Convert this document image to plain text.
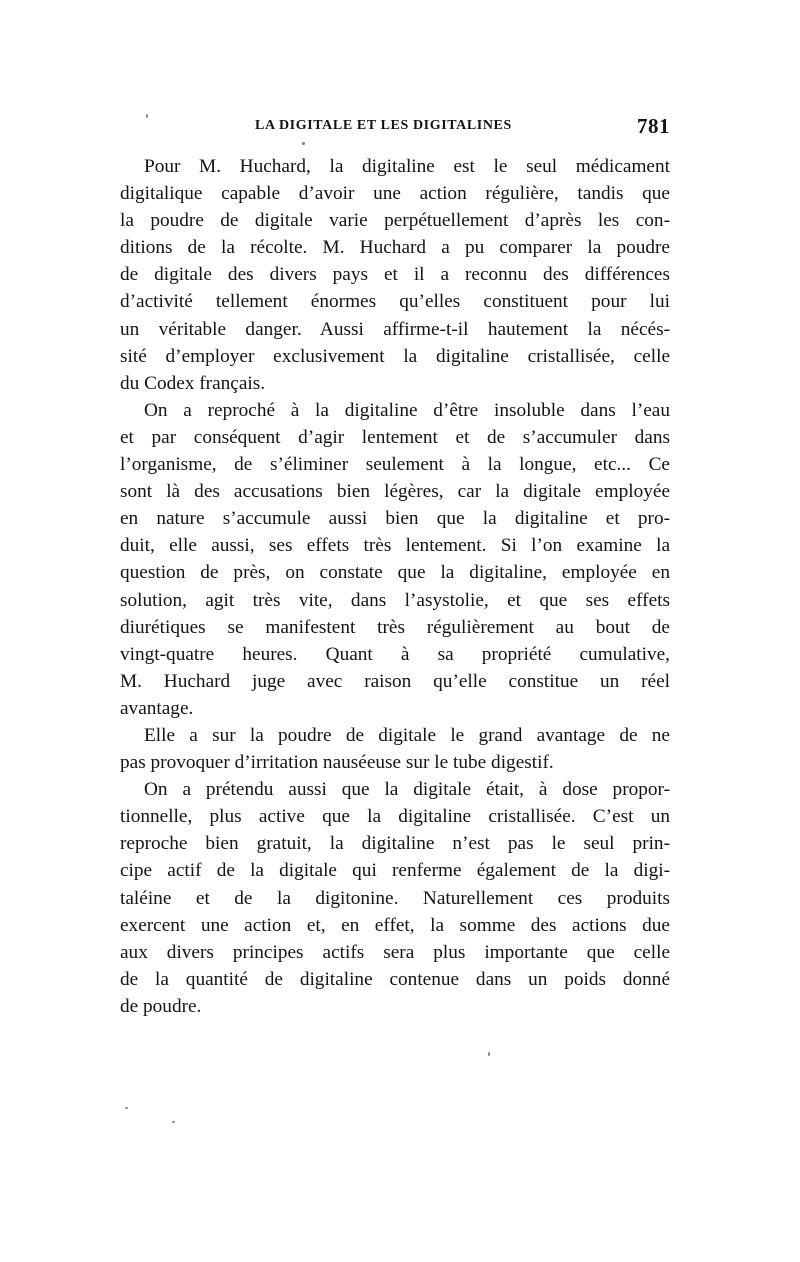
LA DIGITALE ET LES DIGITALINES	781
Pour M. Huchard, la digitaline est le seul médicament
digitalique capable d’avoir une action régulière, tandis que
la poudre de digitale varie perpétuellement d’après les con-
ditions de la récolte. M. Huchard a pu comparer la poudre
de digitale des divers pays et il a reconnu des différences
d’activité tellement énormes qu’elles constituent pour lui
un véritable danger. Aussi affirme-t-il hautement la nécés-
sité d’employer exclusivement la digitaline cristallisée, celle
du Codex français.
On a reproché à la digitaline d’être insoluble dans l’eau
et par conséquent d’agir lentement et de s’accumuler dans
l’organisme, de s’éliminer seulement à la longue, etc... Ce
sont là des accusations bien légères, car la digitale employée
en nature s’accumule aussi bien que la digitaline et pro-
duit, elle aussi, ses effets très lentement. Si l’on examine la
question de près, on constate que la digitaline, employée en
solution, agit très vite, dans l’asystolie, et que ses effets
diurétiques se manifestent très régulièrement au bout de
vingt-quatre heures. Quant à sa propriété cumulative,
M. Huchard juge avec raison qu’elle constitue un réel
avantage.
Elle a sur la poudre de digitale le grand avantage de ne
pas provoquer d’irritation nauséeuse sur le tube digestif.
On a prétendu aussi que la digitale était, à dose propor-
tionnelle, plus active que la digitaline cristallisée. C’est un
reproche bien gratuit, la digitaline n’est pas le seul prin-
cipe actif de la digitale qui renferme également de la digi-
taléine et de la digitonine. Naturellement ces produits
exercent une action et, en effet, la somme des actions due
aux divers principes actifs sera plus importante que celle
de la quantité de digitaline contenue dans un poids donné
de poudre.
